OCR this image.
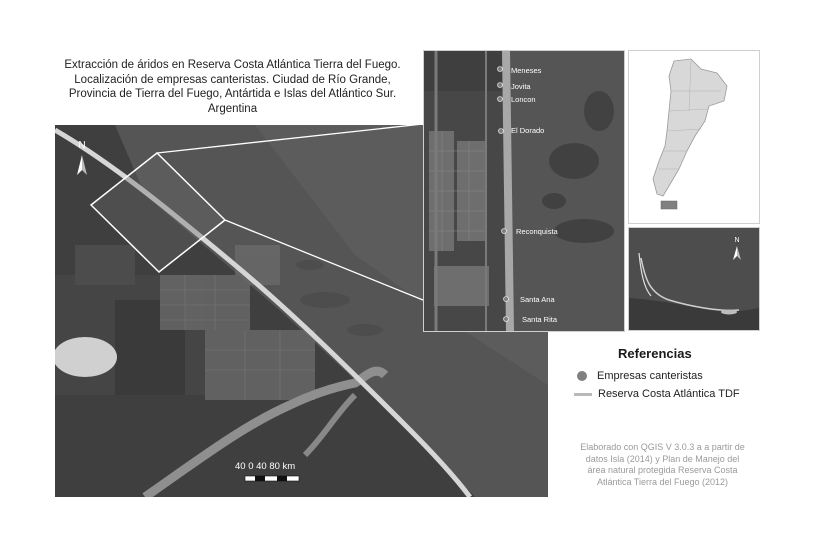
Extracción de áridos en Reserva Costa Atlántica Tierra del Fuego.
Localización de empresas canteristas. Ciudad de Río Grande,
Provincia de Tierra del Fuego, Antártida e Islas del Atlántico Sur.
Argentina
N
40 0 40 80 km
Meneses
Jovita
Loncon
El Dorado
Reconquista
Santa Ana
Santa Rita
N
Referencias
Empresas canteristas
Reserva Costa Atlántica TDF
Elaborado con QGIS V 3.0.3 a a partir de
datos Isla (2014) y Plan de Manejo del
área natural protegida Reserva Costa
Atlántica Tierra del Fuego (2012)
